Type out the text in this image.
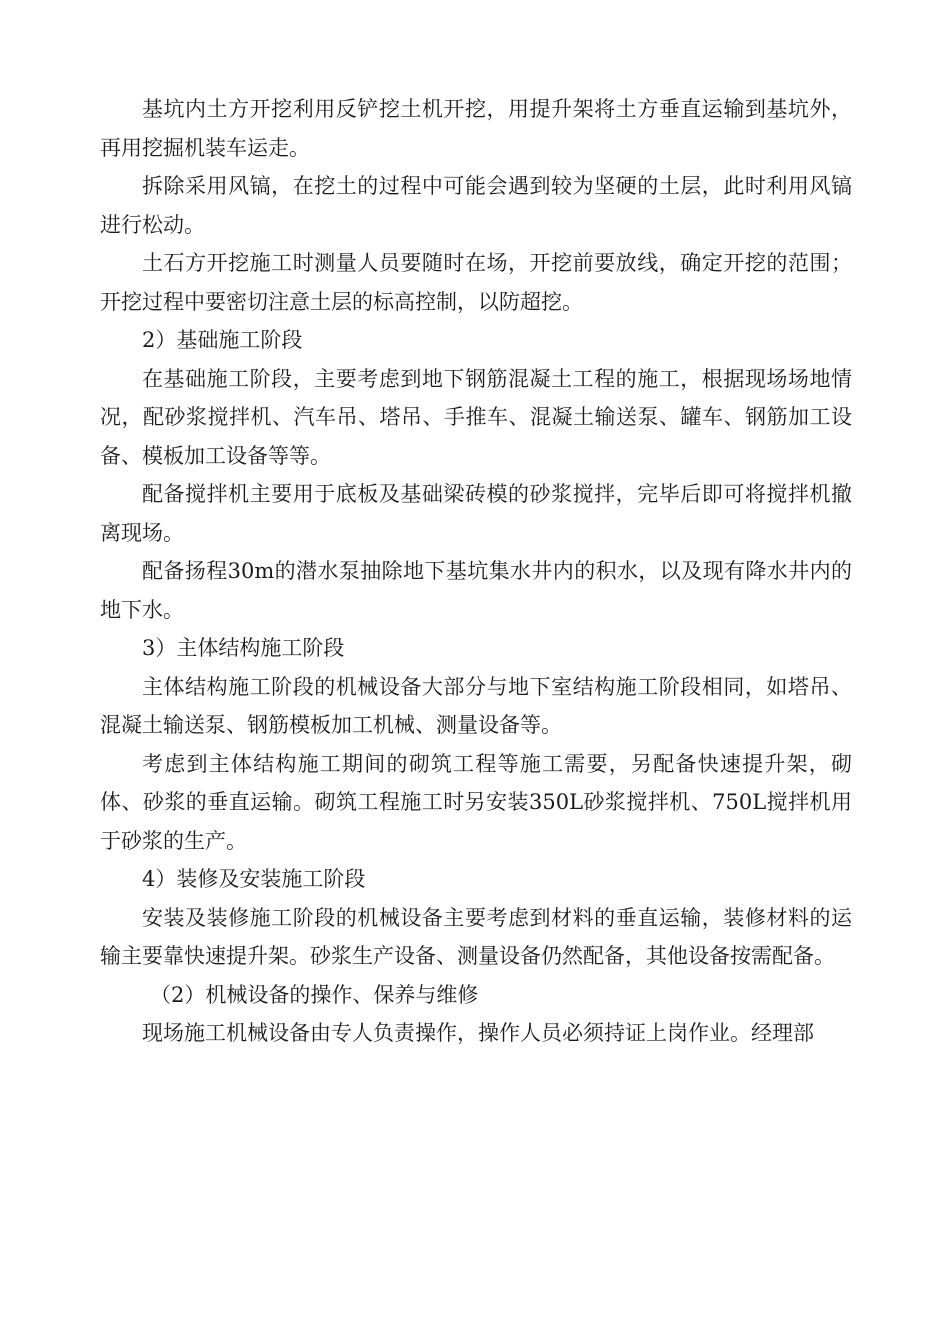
基坑内土方开挖利用反铲挖土机开挖，用提升架将土方垂直运输到基坑外，再用挖掘机装车运走。

拆除采用风镐，在挖土的过程中可能会遇到较为坚硬的土层，此时利用风镐进行松动。

土石方开挖施工时测量人员要随时在场，开挖前要放线，确定开挖的范围；开挖过程中要密切注意土层的标高控制，以防超挖。

2）基础施工阶段

在基础施工阶段，主要考虑到地下钢筋混凝土工程的施工，根据现场场地情况，配砂浆搅拌机、汽车吊、塔吊、手推车、混凝土输送泵、罐车、钢筋加工设备、模板加工设备等等。

配备搅拌机主要用于底板及基础梁砖模的砂浆搅拌，完毕后即可将搅拌机撤离现场。

配备扬程30m的潜水泵抽除地下基坑集水井内的积水，以及现有降水井内的地下水。

3）主体结构施工阶段

主体结构施工阶段的机械设备大部分与地下室结构施工阶段相同，如塔吊、混凝土输送泵、钢筋模板加工机械、测量设备等。

考虑到主体结构施工期间的砌筑工程等施工需要，另配备快速提升架，砌体、砂浆的垂直运输。砌筑工程施工时另安装350L砂浆搅拌机、750L搅拌机用于砂浆的生产。

4）装修及安装施工阶段

安装及装修施工阶段的机械设备主要考虑到材料的垂直运输，装修材料的运输主要靠快速提升架。砂浆生产设备、测量设备仍然配备，其他设备按需配备。

（2）机械设备的操作、保养与维修

现场施工机械设备由专人负责操作，操作人员必须持证上岗作业。经理部
